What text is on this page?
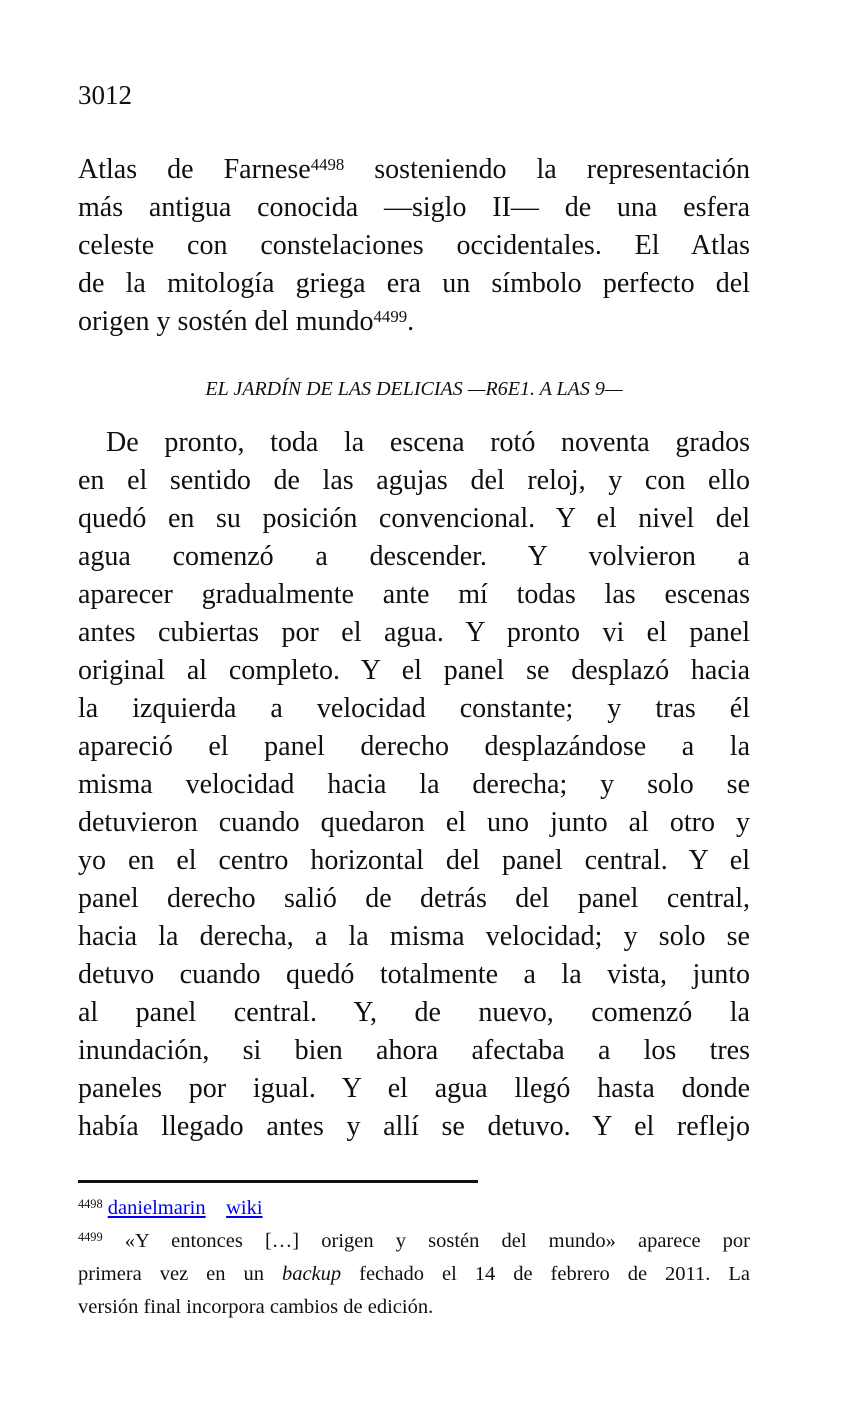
3012
Atlas de Farnese$^{4498}$ sosteniendo la representación
más antigua conocida —siglo II— de una esfera
celeste con constelaciones occidentales. El Atlas
de la mitología griega era un símbolo perfecto del
origen y sostén del mundo$^{4499}$.
EL JARDÍN DE LAS DELICIAS —R6E1. A LAS 9—
De pronto, toda la escena rotó noventa grados
en el sentido de las agujas del reloj, y con ello
quedó en su posición convencional. Y el nivel del
agua comenzó a descender. Y volvieron a
aparecer gradualmente ante mí todas las escenas
antes cubiertas por el agua. Y pronto vi el panel
original al completo. Y el panel se desplazó hacia
la izquierda a velocidad constante; y tras él
apareció el panel derecho desplazándose a la
misma velocidad hacia la derecha; y solo se
detuvieron cuando quedaron el uno junto al otro y
yo en el centro horizontal del panel central. Y el
panel derecho salió de detrás del panel central,
hacia la derecha, a la misma velocidad; y solo se
detuvo cuando quedó totalmente a la vista, junto
al panel central. Y, de nuevo, comenzó la
inundación, si bien ahora afectaba a los tres
paneles por igual. Y el agua llegó hasta donde
había llegado antes y allí se detuvo. Y el reflejo
$^{4498}$ danielmarin   wiki
$^{4499}$ «Y entonces […] origen y sostén del mundo» aparece por
primera vez en un backup fechado el 14 de febrero de 2011. La
versión final incorpora cambios de edición.
